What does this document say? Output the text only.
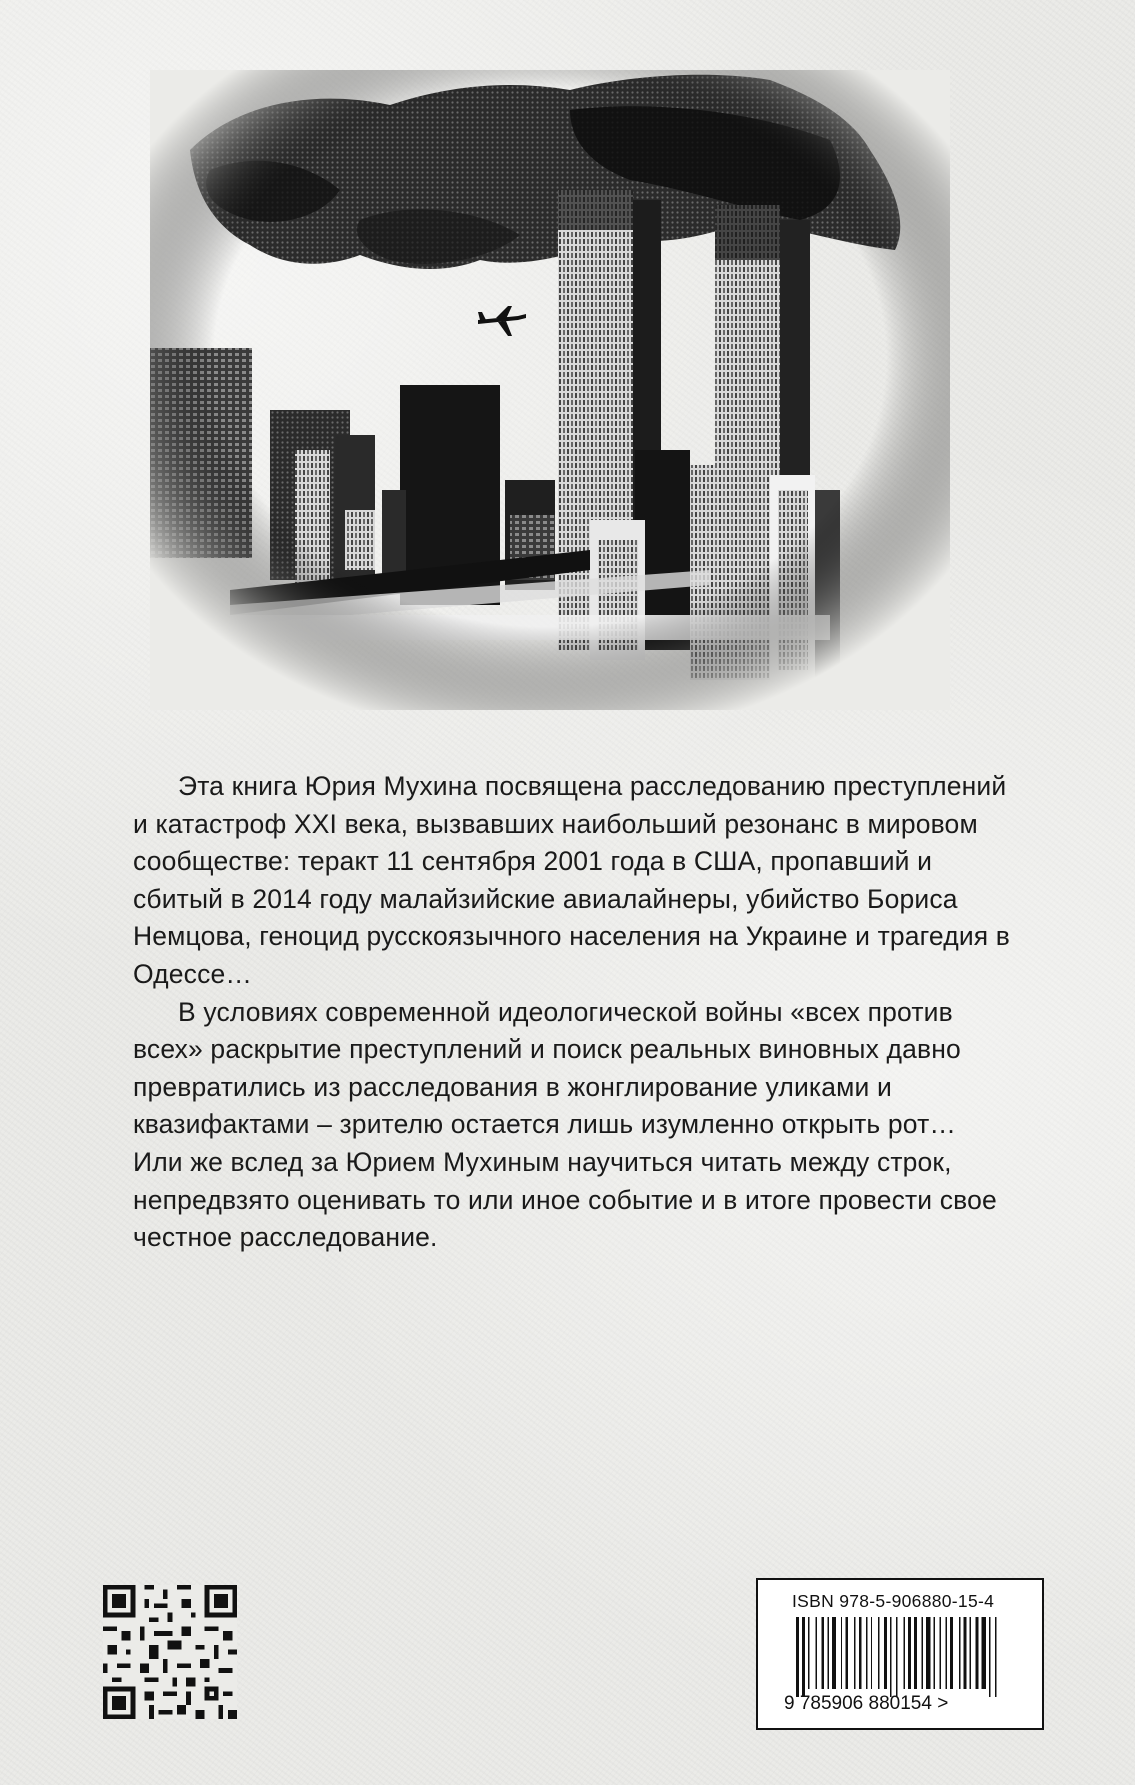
Эта книга Юрия Мухина посвящена расследованию преступлений и катастроф XXI века, вызвавших наибольший резонанс в мировом сообществе: теракт 11 сентября 2001 года в США, пропавший и сбитый в 2014 году малайзийские авиалайнеры, убийство Бориса Немцова, геноцид русскоязычного населения на Украине и трагедия в Одессе…

В условиях современной идеологической войны «всех против всех» раскрытие преступлений и поиск реальных виновных давно превратились из расследования в жонглирование уликами и квазифактами – зрителю остается лишь изумленно открыть рот… Или же вслед за Юрием Мухиным научиться читать между строк, непредвзято оценивать то или иное событие и в итоге провести свое честное расследование.

ISBN 978-5-906880-15-4
9 785906 880154 >
